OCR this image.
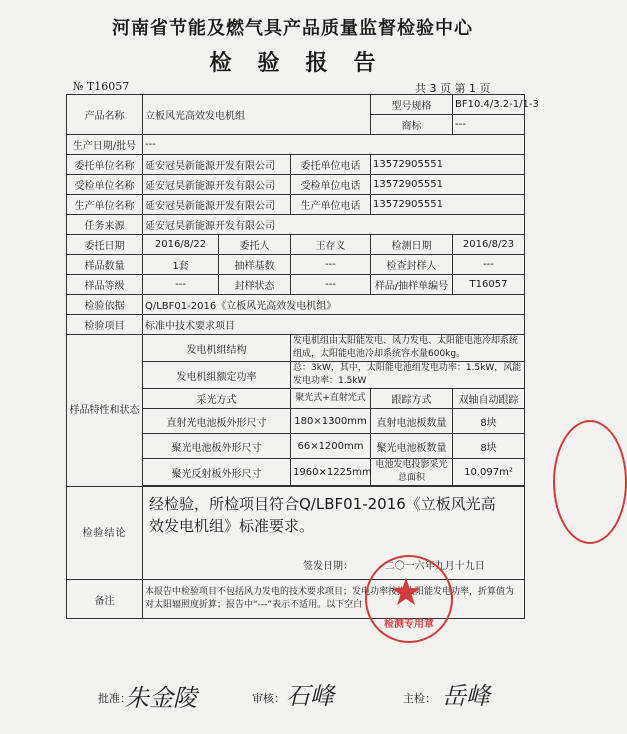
河南省节能及燃气具产品质量监督检验中心
检验报告
№ T16057	共 3 页 第 1 页
产品名称	立板风光高效发电机组			型号规格	BF10.4/3.2-1/1-3
				商标	---
生产日期/批号	---				
委托单位名称	延安冠昊新能源开发有限公司		委托单位电话	13572905551	
受检单位名称	延安冠昊新能源开发有限公司		受检单位电话	13572905551	
生产单位名称	延安冠昊新能源开发有限公司		生产单位电话	13572905551	
任务来源	延安冠昊新能源开发有限公司				
委托日期	2016/8/22	委托人	王存义	检测日期	2016/8/23
样品数量	1套	抽样基数	---	检查封样人	---
样品等级	---	封样状态	---	样品/抽样单编号	T16057
检验依据	Q/LBF01-2016《立板风光高效发电机组》				
检验项目	标准中技术要求项目				
样品特性和状态	发电机组结构		发电机组由太阳能发电、风力发电、太阳能电池冷却系统组成，太阳能电池冷却系统容水量600kg。		
	发电机组额定功率		总：3kW，其中，太阳能电池组发电功率：1.5kW，风能发电功率：1.5kW		
	采光方式		聚光式+直射光式	跟踪方式	双轴自动跟踪
	直射光电池板外形尺寸		180×1300mm	直射电池板数量	8块
	聚光电池板外形尺寸		66×1200mm	聚光电池板数量	8块
	聚光反射板外形尺寸		1960×1225mm	电池发电投影采光总面积	10.097m²

检验结论	经检验，所检项目符合Q/LBF01-2016《立板风光高效发电机组》标准要求。
签发日期：          二〇一六年九月十九日				

备注	本报告中检验项目不包括风力发电的技术要求项目；发电功率按指太阳能发电功率，折算值为对太阳辐照度折算；报告中“---”表示不适用。以下空白				★
检测专用章
批准：
朱金陵	审核： 石峰	主检： 岳峰
